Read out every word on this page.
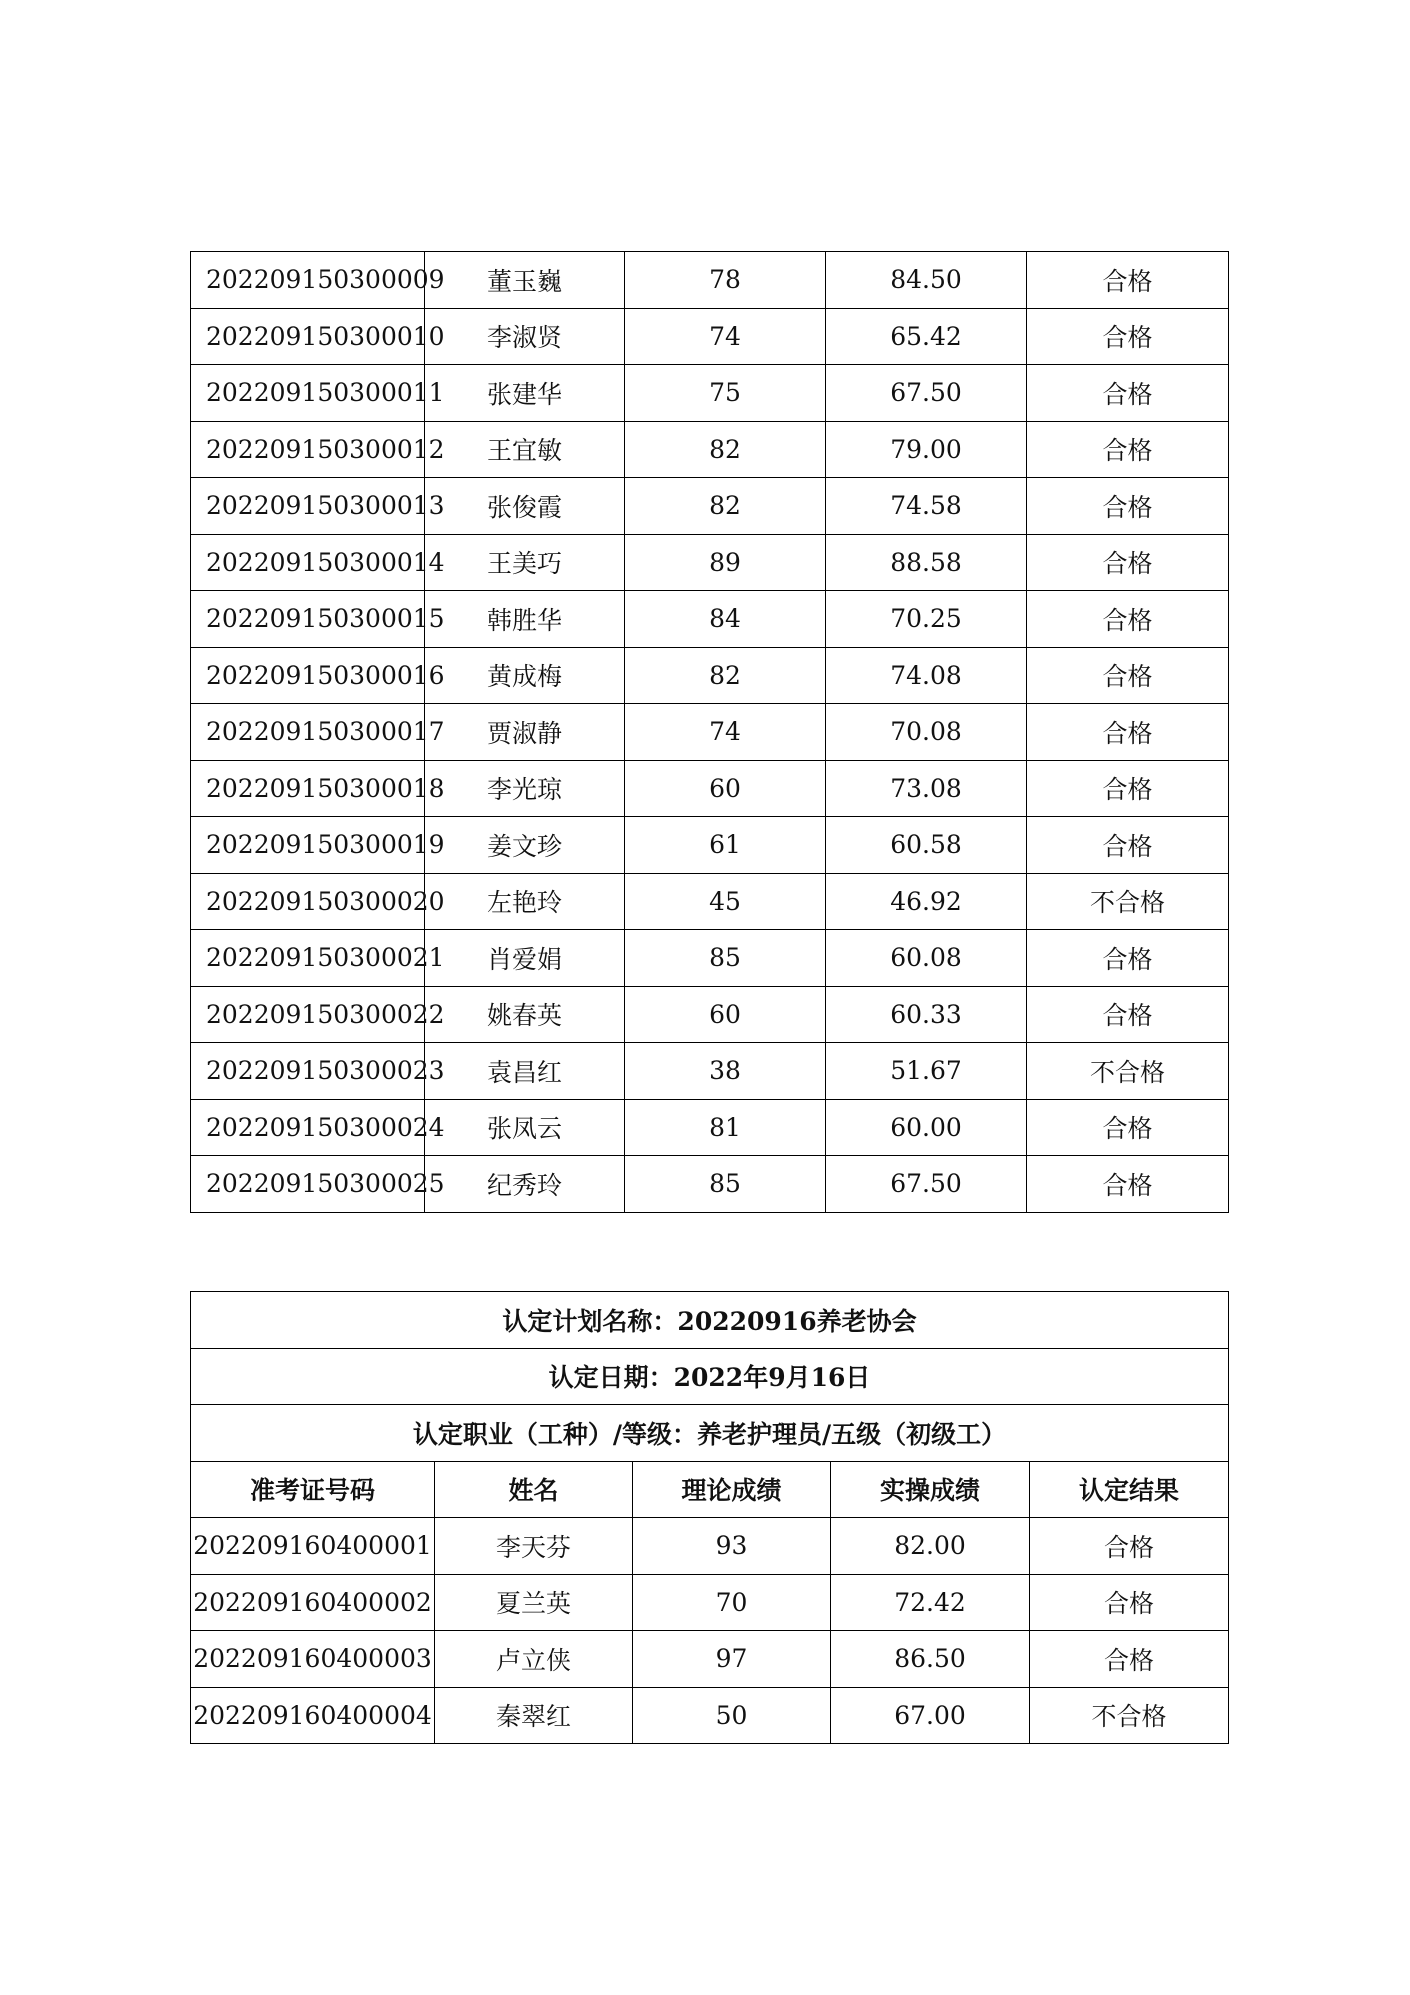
202209150300009	董玉巍	78	84.50	合格
202209150300010	李淑贤	74	65.42	合格
202209150300011	张建华	75	67.50	合格
202209150300012	王宜敏	82	79.00	合格
202209150300013	张俊霞	82	74.58	合格
202209150300014	王美巧	89	88.58	合格
202209150300015	韩胜华	84	70.25	合格
202209150300016	黄成梅	82	74.08	合格
202209150300017	贾淑静	74	70.08	合格
202209150300018	李光琼	60	73.08	合格
202209150300019	姜文珍	61	60.58	合格
202209150300020	左艳玲	45	46.92	不合格
202209150300021	肖爱娟	85	60.08	合格
202209150300022	姚春英	60	60.33	合格
202209150300023	袁昌红	38	51.67	不合格
202209150300024	张凤云	81	60.00	合格
202209150300025	纪秀玲	85	67.50	合格
认定计划名称：20220916养老协会				
认定日期：2022年9月16日				
认定职业（工种）/等级：养老护理员/五级（初级工）				
准考证号码	姓名	理论成绩	实操成绩	认定结果
202209160400001	李天芬	93	82.00	合格
202209160400002	夏兰英	70	72.42	合格
202209160400003	卢立侠	97	86.50	合格
202209160400004	秦翠红	50	67.00	不合格
